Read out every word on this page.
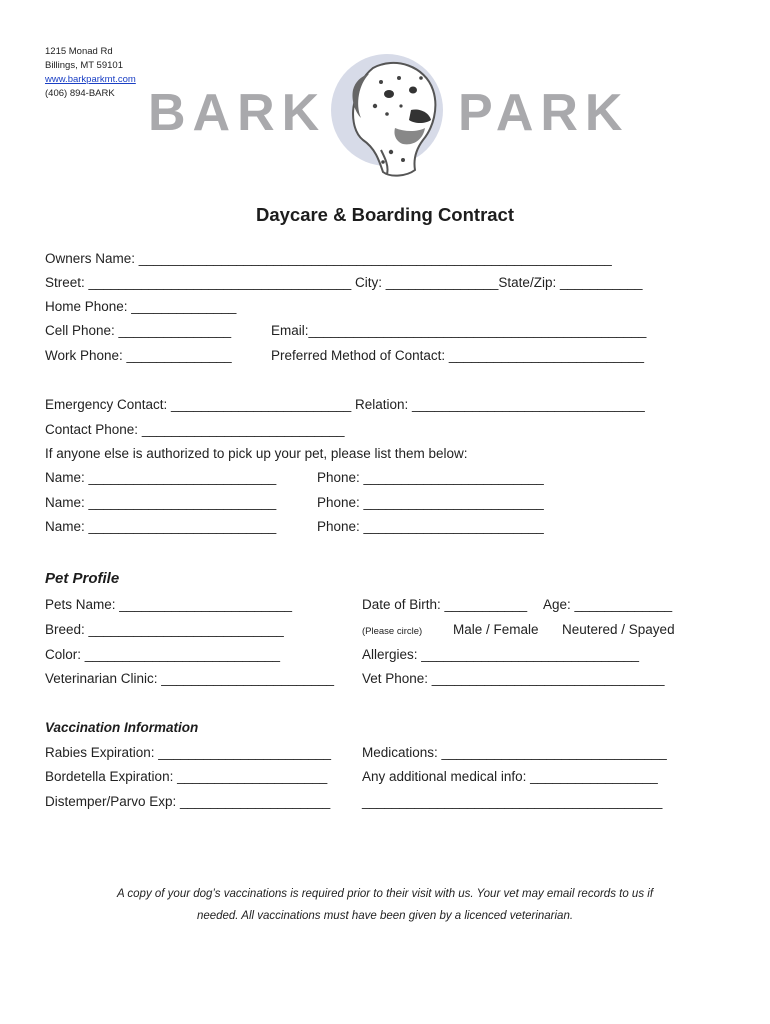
1215 Monad Rd
Billings, MT 59101
www.barkparkmt.com
(406) 894-BARK BARK	PARK
Daycare & Boarding Contract
Owners Name: _______________________________________________________________
Street: ___________________________________ City: _______________State/Zip: ___________
Home Phone: ______________
Cell Phone: _______________	Email:_____________________________________________
Work Phone: ______________	Preferred Method of Contact: __________________________
Emergency Contact: ________________________ Relation: _______________________________
Contact Phone: ___________________________
If anyone else is authorized to pick up your pet, please list them below:
Name: _________________________	Phone: ________________________
Name: _________________________	Phone: ________________________
Name: _________________________	Phone: ________________________
Pet Profile
Pets Name: _______________________	Date of Birth: ___________ Age: _____________
Breed: __________________________	(Please circle) Male / Female Neutered / Spayed
Color: __________________________	Allergies: _____________________________
Veterinarian Clinic: _______________________ Vet Phone: _______________________________
Vaccination Information
Rabies Expiration: _______________________ Medications: ______________________________
Bordetella Expiration: ____________________	Any additional medical info: _________________
Distemper/Parvo Exp: ____________________ ________________________________________
A copy of your dog’s vaccinations is required prior to their visit with us. Your vet may email records to us if
needed. All vaccinations must have been given by a licenced veterinarian.
